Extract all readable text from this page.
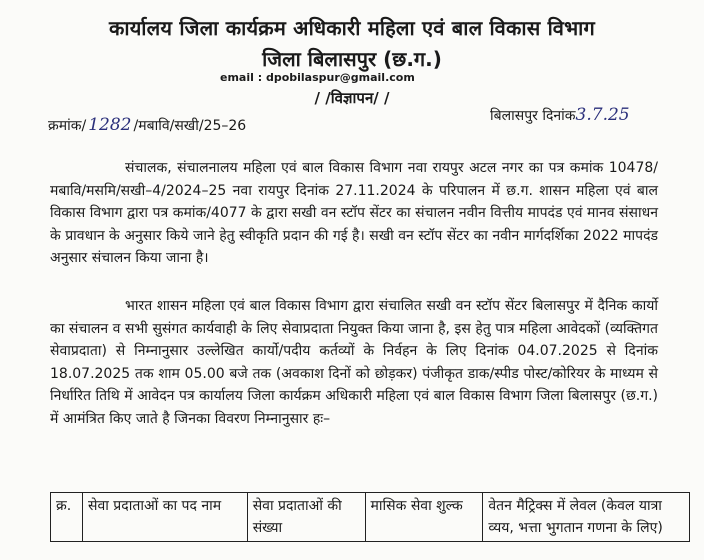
कार्यालय जिला कार्यक्रम अधिकारी महिला एवं बाल विकास विभाग
जिला बिलासपुर (छ.ग.)
email : dpobilaspur@gmail.com
/ /विज्ञापन/ /
क्रमांक/ 1282 /मबावि/सखी/25–26
बिलासपुर दिनांक3.7.25
संचालक, संचालनालय महिला एवं बाल विकास विभाग नवा रायपुर अटल नगर का पत्र कमांक 10478/मबावि/मसमि/सखी–4/2024–25 नवा रायपुर दिनांक 27.11.2024 के परिपालन में छ.ग. शासन महिला एवं बाल विकास विभाग द्वारा पत्र कमांक/4077 के द्वारा सखी वन स्टॉप सेंटर का संचालन नवीन वित्तीय मापदंड एवं मानव संसाधन के प्रावधान के अनुसार किये जाने हेतु स्वीकृति प्रदान की गई है। सखी वन स्टॉप सेंटर का नवीन मार्गदर्शिका 2022 मापदंड अनुसार संचालन किया जाना है।
भारत शासन महिला एवं बाल विकास विभाग द्वारा संचालित सखी वन स्टॉप सेंटर बिलासपुर में दैनिक कार्यो का संचालन व सभी सुसंगत कार्यवाही के लिए सेवाप्रदाता नियुक्त किया जाना है, इस हेतु पात्र महिला आवेदकों (व्यक्तिगत सेवाप्रदाता) से निम्नानुसार उल्लेखित कार्यो/पदीय कर्तव्यों के निर्वहन के लिए दिनांक 04.07.2025 से दिनांक 18.07.2025 तक शाम 05.00 बजे तक (अवकाश दिनों को छोड़कर) पंजीकृत डाक/स्पीड पोस्ट/कोरियर के माध्यम से निर्धारित तिथि में आवेदन पत्र कार्यालय जिला कार्यक्रम अधिकारी महिला एवं बाल विकास विभाग जिला बिलासपुर (छ.ग.) में आमंत्रित किए जाते है जिनका विवरण निम्नानुसार हः–
क्र.	सेवा प्रदाताओं का पद नाम	सेवा प्रदाताओं की संख्या	मासिक सेवा शुल्क	वेतन मैट्रिक्स में लेवल (केवल यात्रा व्यय, भत्ता भुगतान गणना के लिए)
